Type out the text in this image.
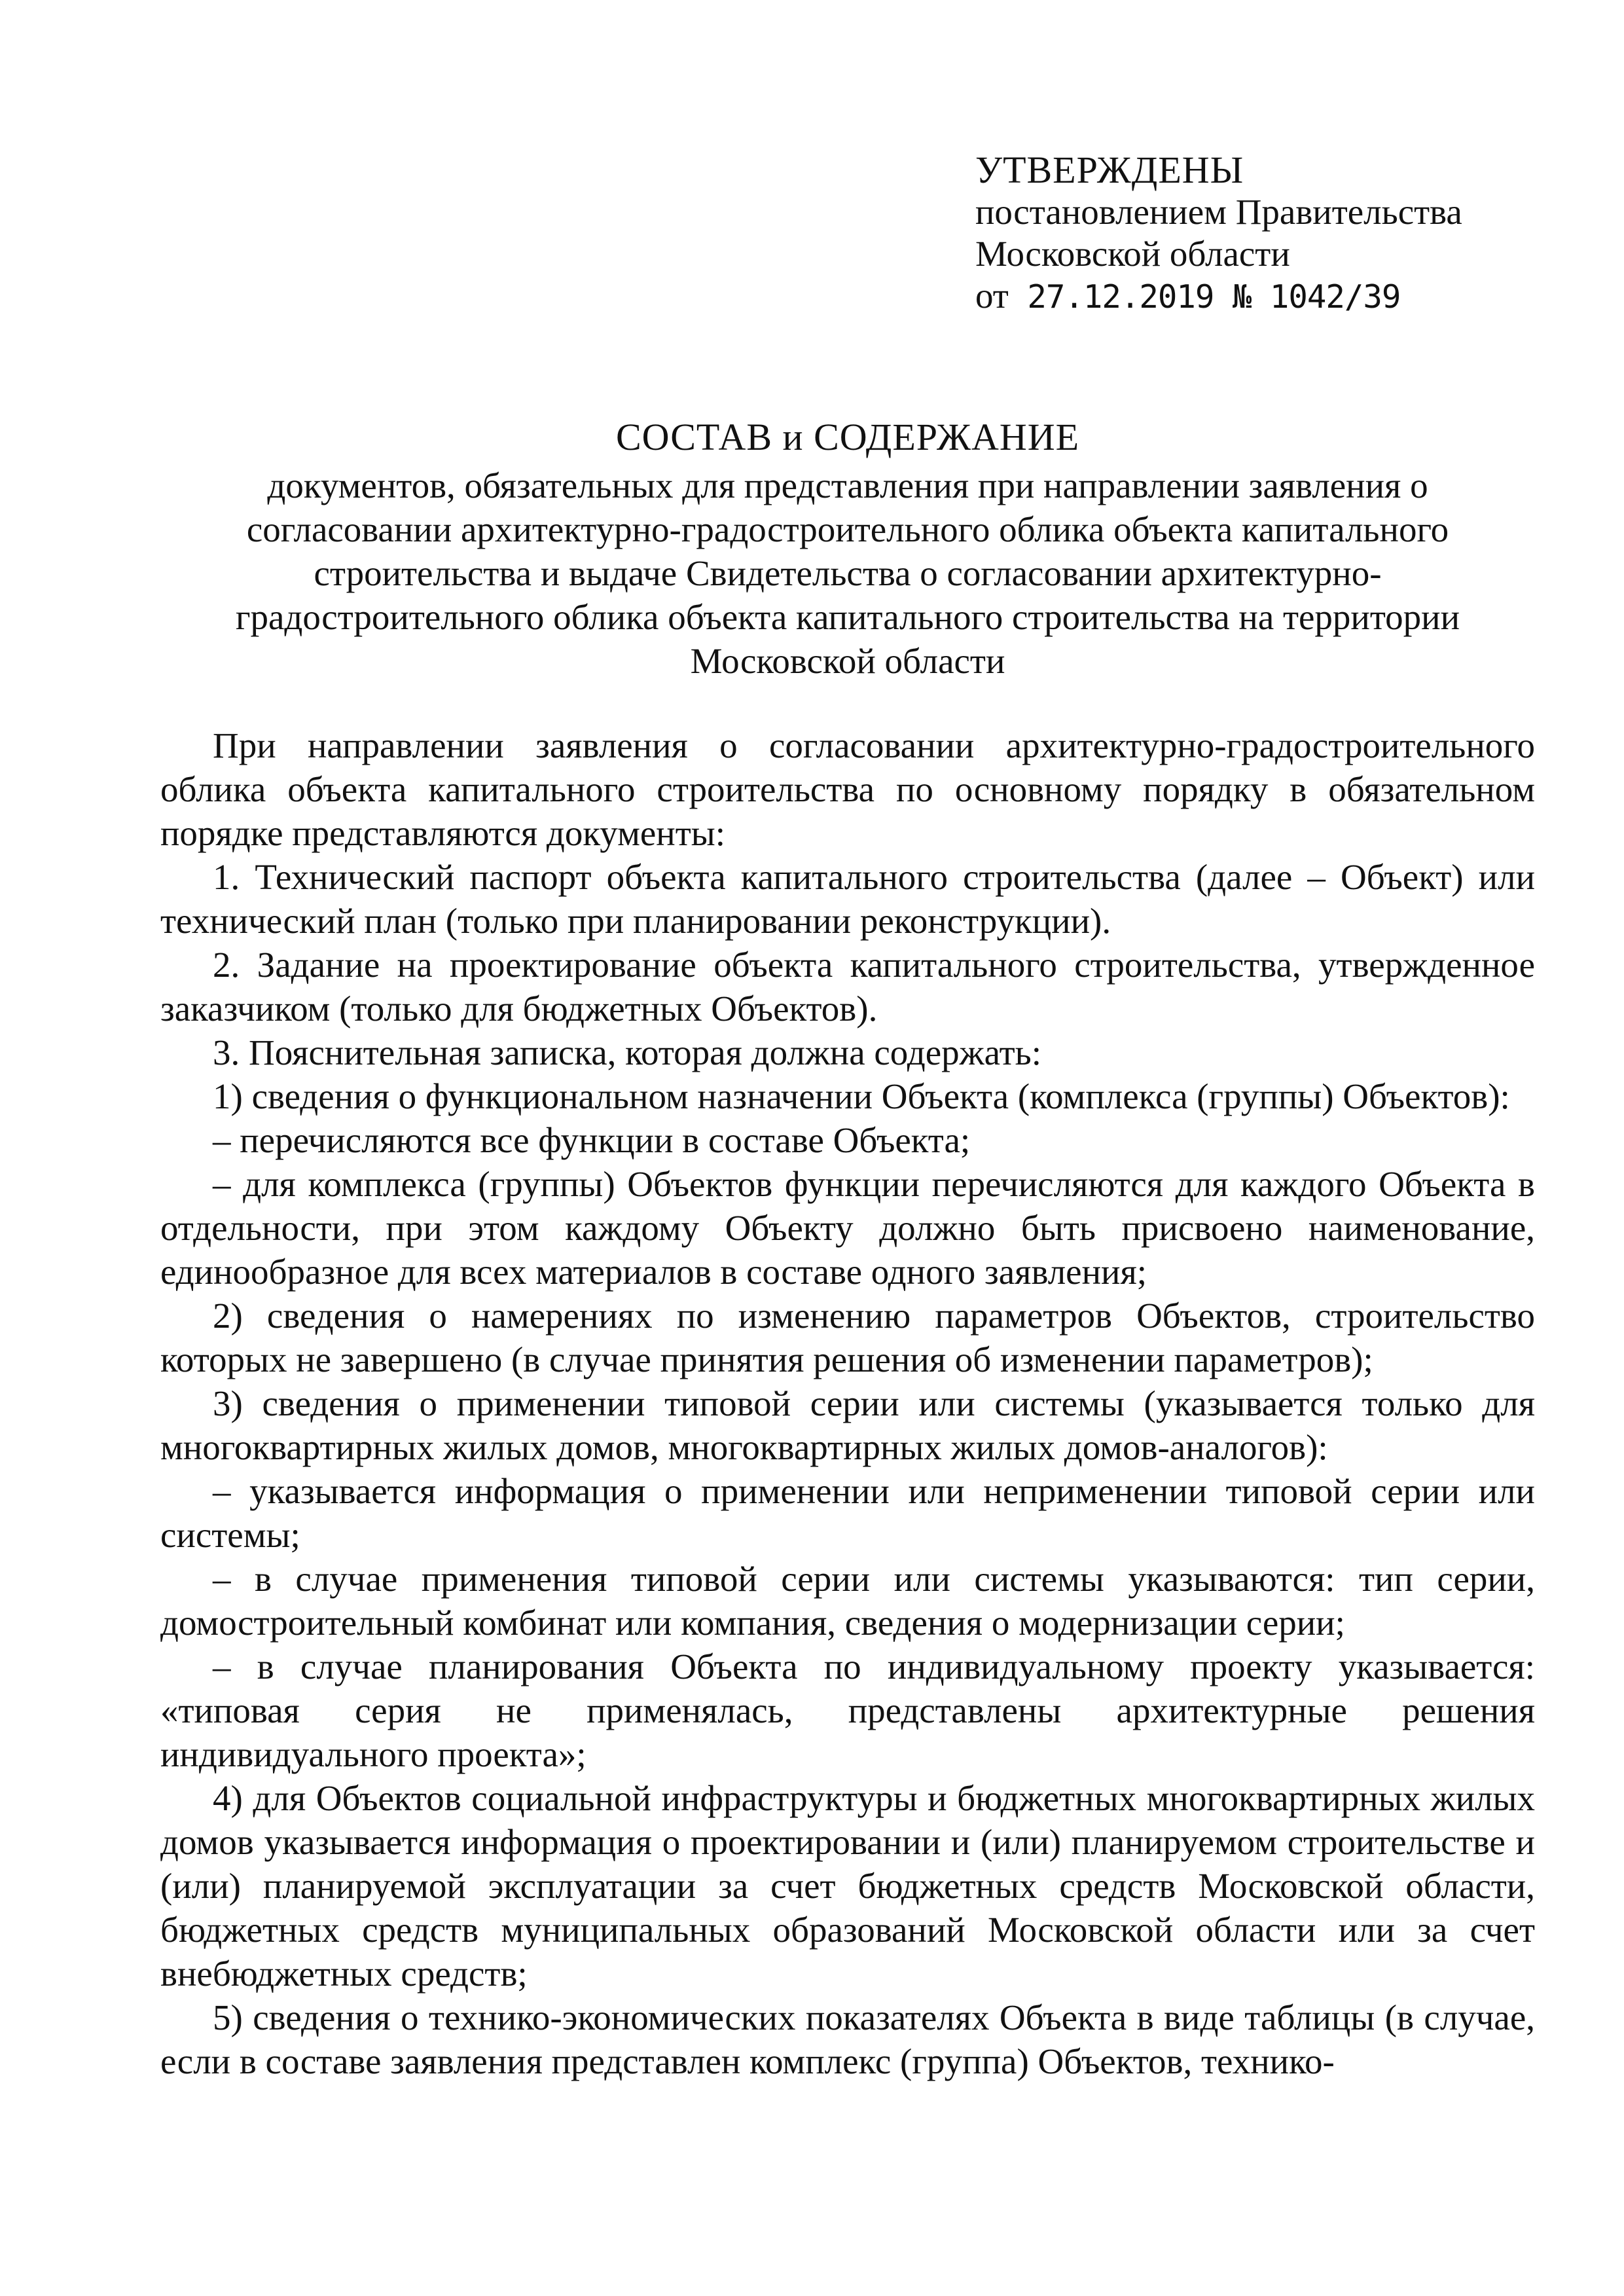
УТВЕРЖДЕНЫ
постановлением Правительства
Московской области
от 27.12.2019 № 1042/39
СОСТАВ и СОДЕРЖАНИЕ
документов, обязательных для представления при направлении заявления о
согласовании архитектурно-градостроительного облика объекта капитального
строительства и выдаче Свидетельства о согласовании архитектурно-
градостроительного облика объекта капитального строительства на территории
Московской области

При направлении заявления о согласовании архитектурно-градостроительного облика объекта капитального строительства по основному порядку в обязательном порядке представляются документы:

1. Технический паспорт объекта капитального строительства (далее – Объект) или технический план (только при планировании реконструкции).

2. Задание на проектирование объекта капитального строительства, утвержденное заказчиком (только для бюджетных Объектов).

3. Пояснительная записка, которая должна содержать:

1) сведения о функциональном назначении Объекта (комплекса (группы) Объектов):

– перечисляются все функции в составе Объекта;

– для комплекса (группы) Объектов функции перечисляются для каждого Объекта в отдельности, при этом каждому Объекту должно быть присвоено наименование, единообразное для всех материалов в составе одного заявления;

2) сведения о намерениях по изменению параметров Объектов, строительство которых не завершено (в случае принятия решения об изменении параметров);

3) сведения о применении типовой серии или системы (указывается только для многоквартирных жилых домов, многоквартирных жилых домов-аналогов):

– указывается информация о применении или неприменении типовой серии или системы;

– в случае применения типовой серии или системы указываются: тип серии, домостроительный комбинат или компания, сведения о модернизации серии;

– в случае планирования Объекта по индивидуальному проекту указывается: «типовая серия не применялась, представлены архитектурные решения индивидуального проекта»;

4) для Объектов социальной инфраструктуры и бюджетных многоквартирных жилых домов указывается информация о проектировании и (или) планируемом строительстве и (или) планируемой эксплуатации за счет бюджетных средств Московской области, бюджетных средств муниципальных образований Московской области или за счет внебюджетных средств;

5) сведения о технико-экономических показателях Объекта в виде таблицы (в случае, если в составе заявления представлен комплекс (группа) Объектов, технико-
